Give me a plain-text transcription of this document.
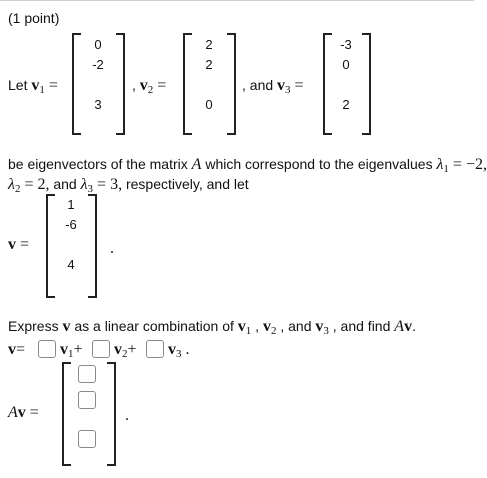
(1 point)
Let v1 =
0
-2
3
, v2 =
2
2
0
, and v3 =
-3
0
2
be eigenvectors of the matrix A which correspond to the eigenvalues λ1 = −2,
λ2 = 2, and λ3 = 3, respectively, and let
v =
1
-6
4
.
Express v as a linear combination of v1 , v2 , and v3 , and find Av.
v = v1+ v2+ v3 .
Av =	.
